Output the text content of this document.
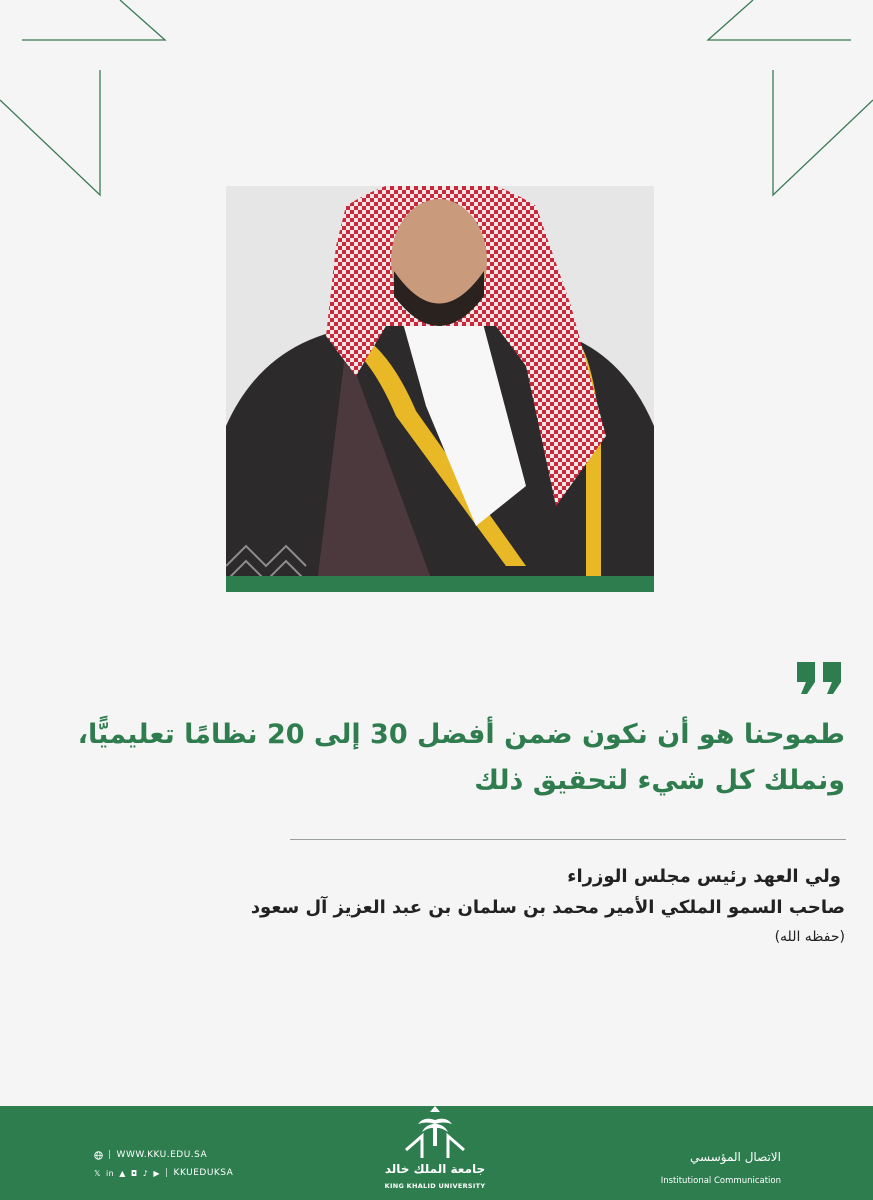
طموحنا هو أن نكون ضمن أفضل 30 إلى 20 نظامًا تعليميًّا،
ونملك كل شيء لتحقيق ذلك
ولي العهد رئيس مجلس الوزراء
صاحب السمو الملكي الأمير محمد بن سلمان بن عبد العزيز آل سعود
(حفظه الله)
| WWW.KKU.EDU.SA
𝕏 in ▲ ◘ ♪ ▶ | KKUEDUKSA	جامعة الملك خالد
KING KHALID UNIVERSITY
الاتصال المؤسسي
Institutional Communication
